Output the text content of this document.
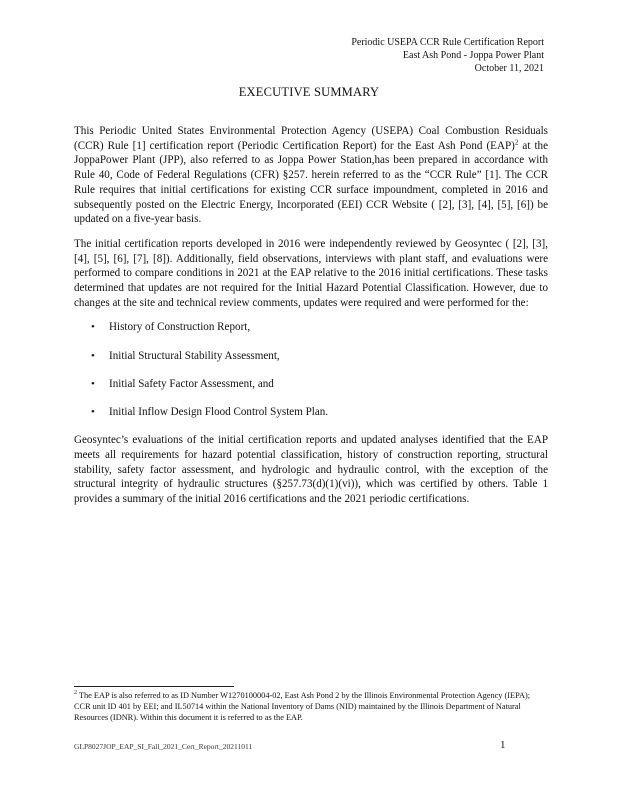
Periodic USEPA CCR Rule Certification Report
East Ash Pond - Joppa Power Plant
October 11, 2021
EXECUTIVE SUMMARY

This Periodic United States Environmental Protection Agency (USEPA) Coal Combustion Residuals (CCR) Rule [1] certification report (Periodic Certification Report) for the East Ash Pond (EAP)$^2$ at the JoppaPower Plant (JPP), also referred to as Joppa Power Station,has been prepared in accordance with Rule 40, Code of Federal Regulations (CFR) §257. herein referred to as the “CCR Rule” [1]. The CCR Rule requires that initial certifications for existing CCR surface impoundment, completed in 2016 and subsequently posted on the Electric Energy, Incorporated (EEI) CCR Website ( [2], [3], [4], [5], [6]) be updated on a five-year basis.

The initial certification reports developed in 2016 were independently reviewed by Geosyntec ( [2], [3], [4], [5], [6], [7], [8]). Additionally, field observations, interviews with plant staff, and evaluations were performed to compare conditions in 2021 at the EAP relative to the 2016 initial certifications. These tasks determined that updates are not required for the Initial Hazard Potential Classification. However, due to changes at the site and technical review comments, updates were required and were performed for the:

• History of Construction Report,
• Initial Structural Stability Assessment,
• Initial Safety Factor Assessment, and
• Initial Inflow Design Flood Control System Plan.

Geosyntec’s evaluations of the initial certification reports and updated analyses identified that the EAP meets all requirements for hazard potential classification, history of construction reporting, structural stability, safety factor assessment, and hydrologic and hydraulic control, with the exception of the structural integrity of hydraulic structures (§257.73(d)(1)(vi)), which was certified by others. Table 1 provides a summary of the initial 2016 certifications and the 2021 periodic certifications.

$^2$ The EAP is also referred to as ID Number W1270100004-02, East Ash Pond 2 by the Illinois Environmental Protection Agency (IEPA); CCR unit ID 401 by EEI; and IL50714 within the National Inventory of Dams (NID) maintained by the Illinois Department of Natural Resources (IDNR). Within this document it is referred to as the EAP.
GLP8027JOP_EAP_SI_Fall_2021_Cert_Report_20211011	1
